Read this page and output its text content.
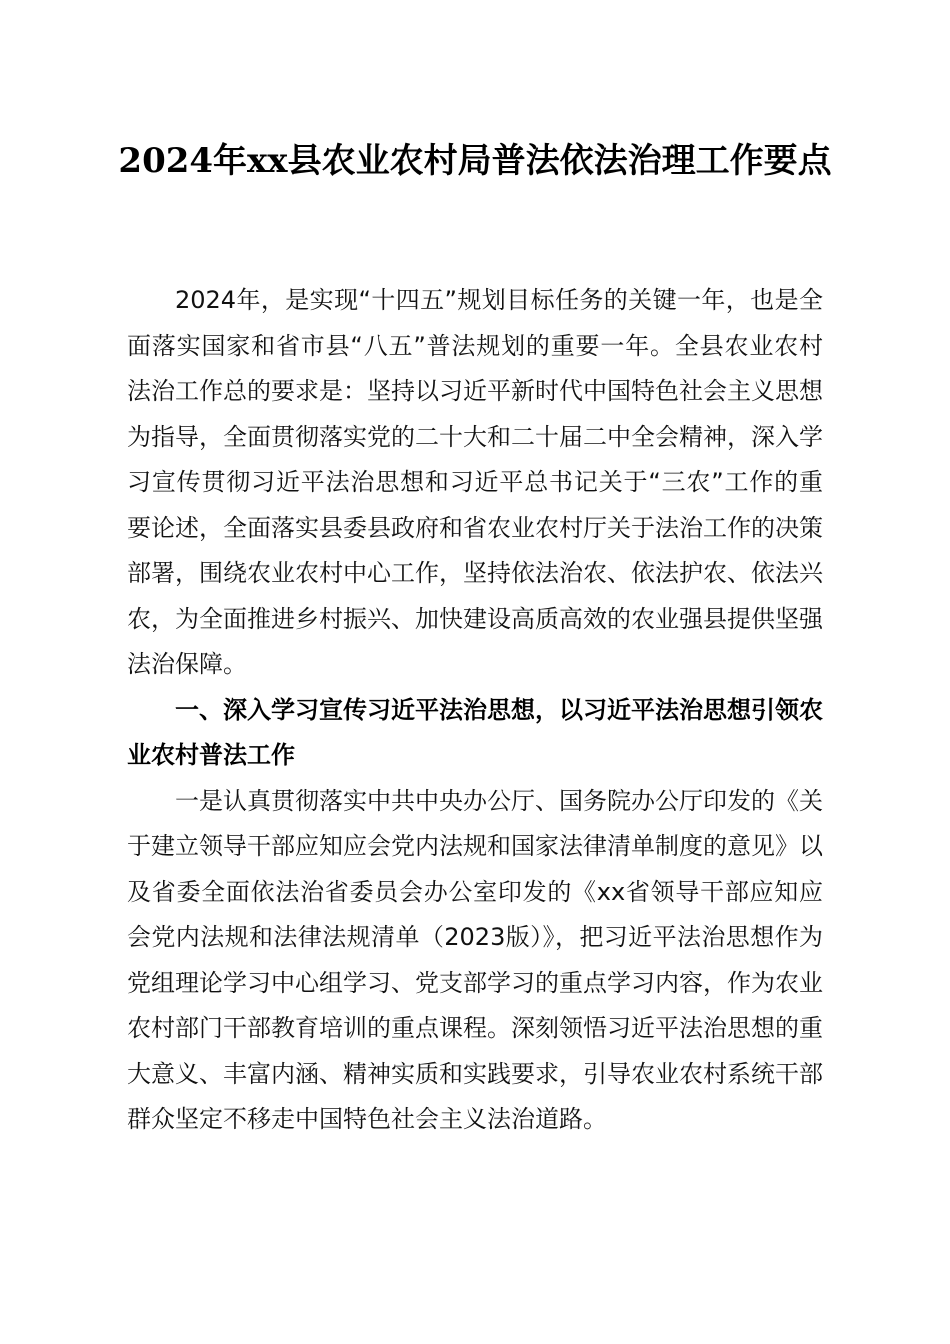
2024年xx县农业农村局普法依法治理工作要点

2024年，是实现“十四五”规划目标任务的关键一年，也是全面落实国家和省市县“八五”普法规划的重要一年。全县农业农村法治工作总的要求是：坚持以习近平新时代中国特色社会主义思想为指导，全面贯彻落实党的二十大和二十届二中全会精神，深入学习宣传贯彻习近平法治思想和习近平总书记关于“三农”工作的重要论述，全面落实县委县政府和省农业农村厅关于法治工作的决策部署，围绕农业农村中心工作，坚持依法治农、依法护农、依法兴农，为全面推进乡村振兴、加快建设高质高效的农业强县提供坚强法治保障。

一、深入学习宣传习近平法治思想，以习近平法治思想引领农业农村普法工作

一是认真贯彻落实中共中央办公厅、国务院办公厅印发的《关于建立领导干部应知应会党内法规和国家法律清单制度的意见》以及省委全面依法治省委员会办公室印发的《xx省领导干部应知应会党内法规和法律法规清单（2023版）》，把习近平法治思想作为党组理论学习中心组学习、党支部学习的重点学习内容，作为农业农村部门干部教育培训的重点课程。深刻领悟习近平法治思想的重大意义、丰富内涵、精神实质和实践要求，引导农业农村系统干部群众坚定不移走中国特色社会主义法治道路。
